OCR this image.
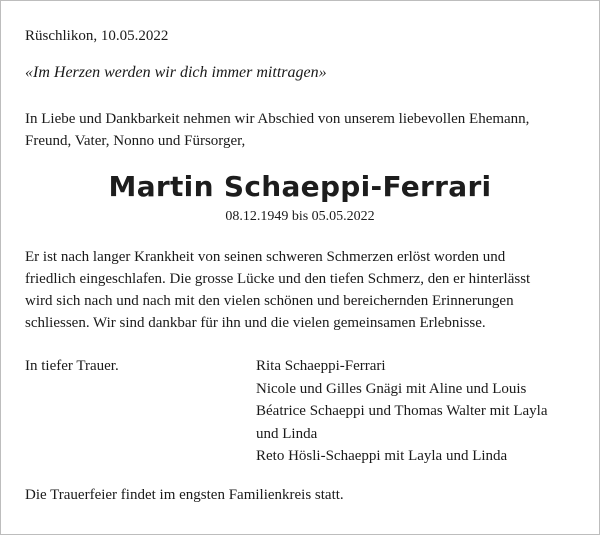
Rüschlikon, 10.05.2022
«Im Herzen werden wir dich immer mittragen»
In Liebe und Dankbarkeit nehmen wir Abschied von unserem liebevollen Ehemann,
Freund, Vater, Nonno und Fürsorger,
Martin Schaeppi-Ferrari
08.12.1949 bis 05.05.2022
Er ist nach langer Krankheit von seinen schweren Schmerzen erlöst worden und
friedlich eingeschlafen. Die grosse Lücke und den tiefen Schmerz, den er hinterlässt
wird sich nach und nach mit den vielen schönen und bereichernden Erinnerungen
schliessen. Wir sind dankbar für ihn und die vielen gemeinsamen Erlebnisse.
In tiefer Trauer.	Rita Schaeppi-Ferrari
Nicole und Gilles Gnägi mit Aline und Louis
Béatrice Schaeppi und Thomas Walter mit Layla
und Linda
Reto Hösli-Schaeppi mit Layla und Linda
Die Trauerfeier findet im engsten Familienkreis statt.
